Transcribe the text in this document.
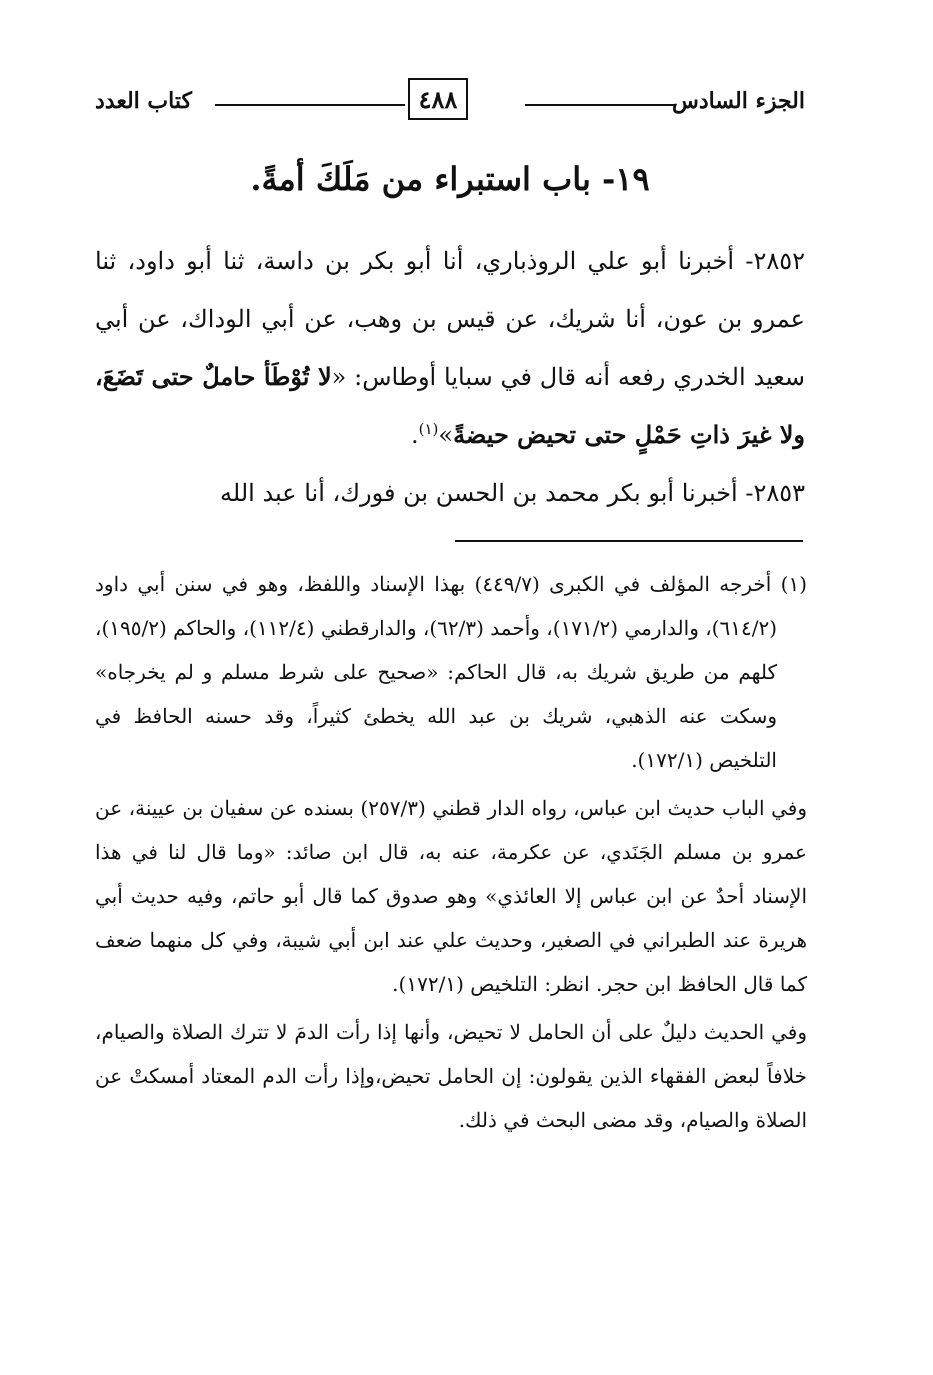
الجزء السادس
٤٨٨
كتاب العدد
١٩- باب استبراء من مَلَكَ أمةً.

٢٨٥٢- أخبرنا أبو علي الروذباري، أنا أبو بكر بن داسة، ثنا أبو داود، ثنا عمرو بن عون، أنا شريك، عن قيس بن وهب، عن أبي الوداك، عن أبي سعيد الخدري رفعه أنه قال في سبايا أوطاس: «لا تُوْطَأ حاملٌ حتى تَضَعَ، ولا غيرَ ذاتِ حَمْلٍ حتى تحيض حيضةً»$^{(١)}$.

٢٨٥٣- أخبرنا أبو بكر محمد بن الحسن بن فورك، أنا عبد الله

(١) أخرجه المؤلف في الكبرى (٤٤٩/٧) بهذا الإسناد واللفظ، وهو في سنن أبي داود (٦١٤/٢)، والدارمي (١٧١/٢)، وأحمد (٦٢/٣)، والدارقطني (١١٢/٤)، والحاكم (١٩٥/٢)، كلهم من طريق شريك به، قال الحاكم: «صحيح على شرط مسلم و لم يخرجاه» وسكت عنه الذهبي، شريك بن عبد الله يخطئ كثيراً، وقد حسنه الحافظ في التلخيص (١٧٢/١).

وفي الباب حديث ابن عباس، رواه الدار قطني (٢٥٧/٣) بسنده عن سفيان بن عيينة، عن عمرو بن مسلم الجَنَدي، عن عكرمة، عنه به، قال ابن صائد: «وما قال لنا في هذا الإسناد أحدٌ عن ابن عباس إلا العائذي» وهو صدوق كما قال أبو حاتم، وفيه حديث أبي هريرة عند الطبراني في الصغير، وحديث علي عند ابن أبي شيبة، وفي كل منهما ضعف كما قال الحافظ ابن حجر. انظر: التلخيص (١٧٢/١).

وفي الحديث دليلٌ على أن الحامل لا تحيض، وأنها إذا رأت الدمَ لا تترك الصلاة والصيام، خلافاً لبعض الفقهاء الذين يقولون: إن الحامل تحيض،وإذا رأت الدم المعتاد أمسكتْ عن الصلاة والصيام، وقد مضى البحث في ذلك.
